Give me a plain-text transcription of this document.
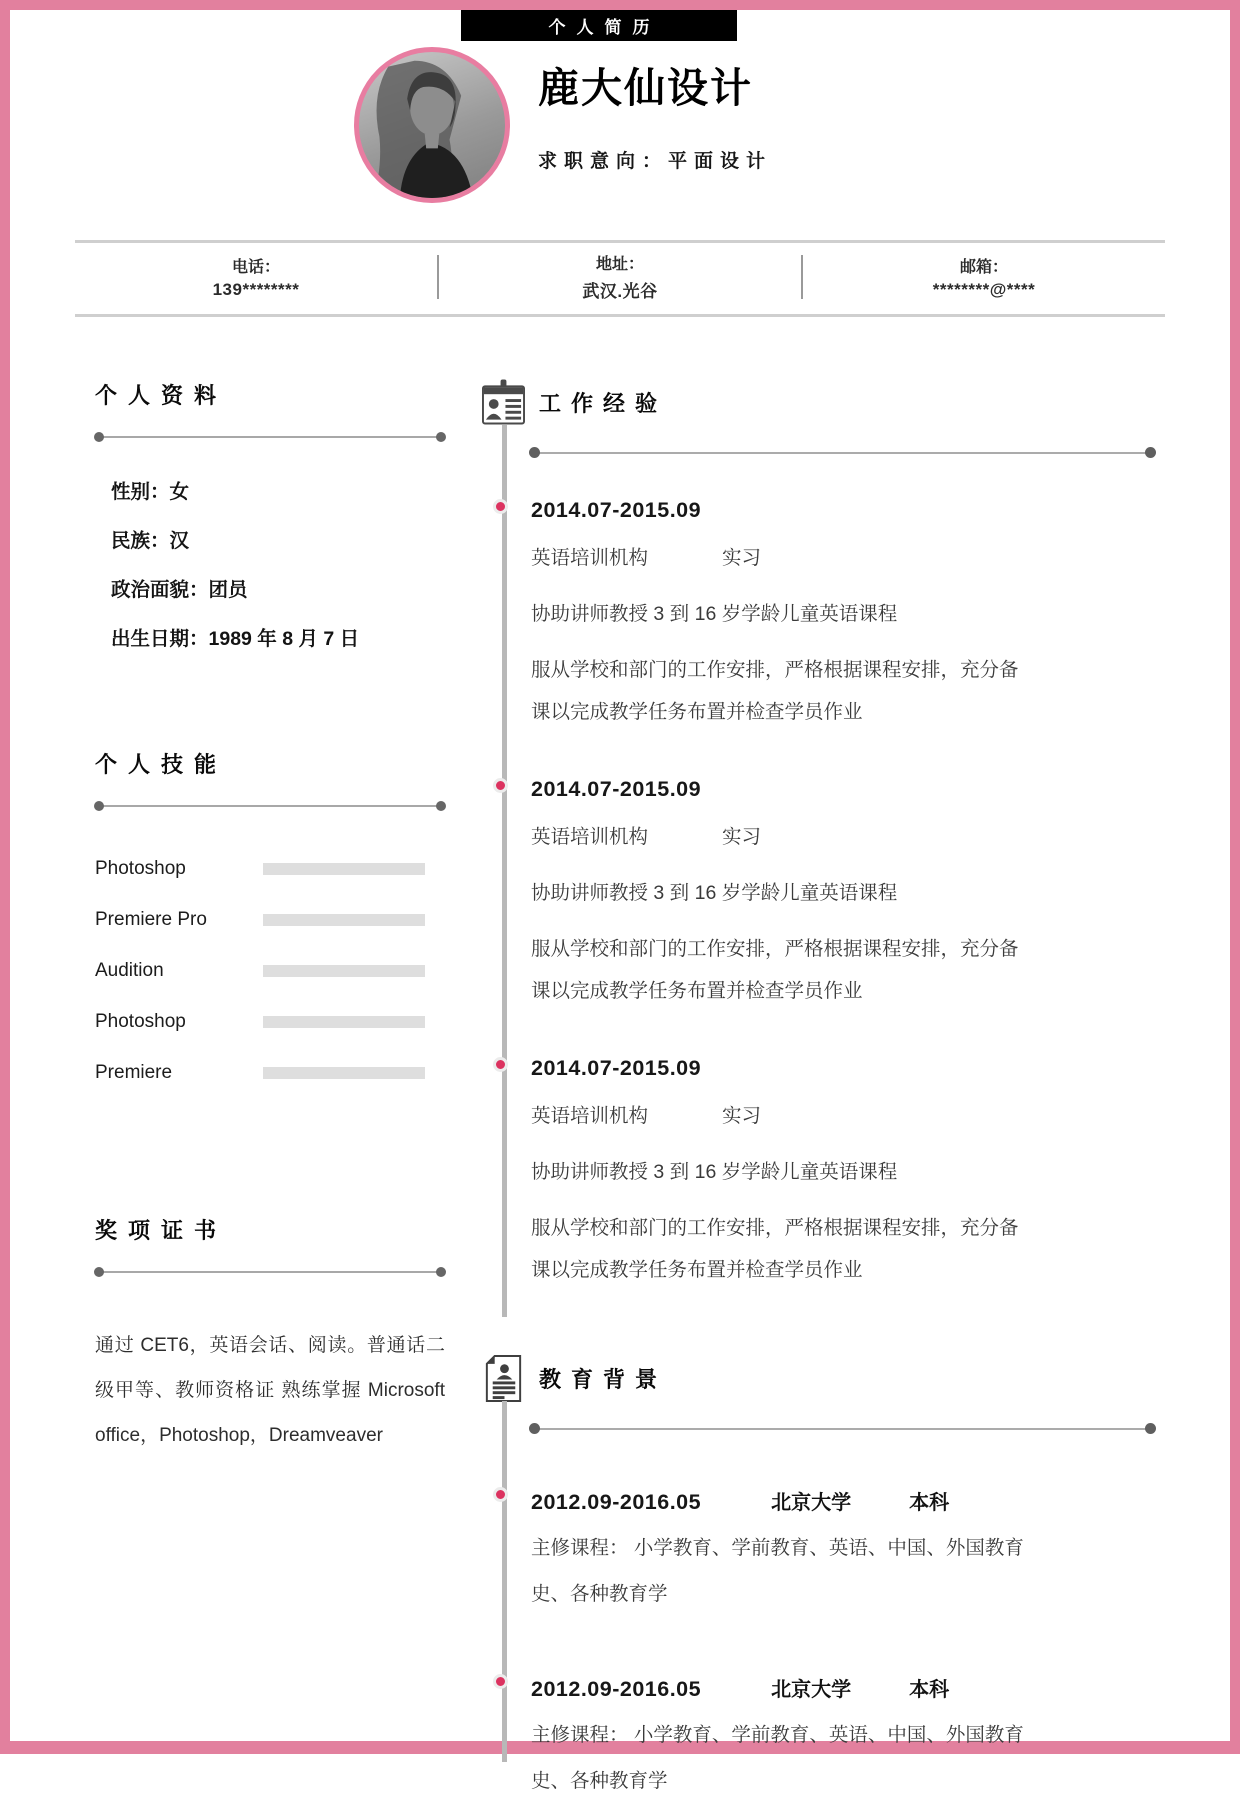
个人简历
鹿大仙设计
求职意向：平面设计
电话：
139********
地址：
武汉.光谷
邮箱：
********@****
个人资料
性别：女
民族：汉
政治面貌：团员
出生日期：1989 年 8 月 7 日
个人技能
Photoshop
Premiere Pro
Audition
Photoshop
Premiere
奖项证书

通过 CET6，英语会话、阅读。普通话二级甲等、教师资格证 熟练掌握 Microsoft office，Photoshop，Dreamveaver

工作经验
2014.07-2015.09

英语培训机构	实习

协助讲师教授 3 到 16 岁学龄儿童英语课程

服从学校和部门的工作安排，严格根据课程安排，充分备课以完成教学任务布置并检查学员作业

2014.07-2015.09

英语培训机构	实习

协助讲师教授 3 到 16 岁学龄儿童英语课程

服从学校和部门的工作安排，严格根据课程安排，充分备课以完成教学任务布置并检查学员作业

2014.07-2015.09

英语培训机构	实习

协助讲师教授 3 到 16 岁学龄儿童英语课程

服从学校和部门的工作安排，严格根据课程安排，充分备课以完成教学任务布置并检查学员作业

教育背景
2012.09-2016.05	北京大学	本科

主修课程： 小学教育、学前教育、英语、中国、外国教育史、各种教育学

2012.09-2016.05	北京大学	本科

主修课程： 小学教育、学前教育、英语、中国、外国教育史、各种教育学
